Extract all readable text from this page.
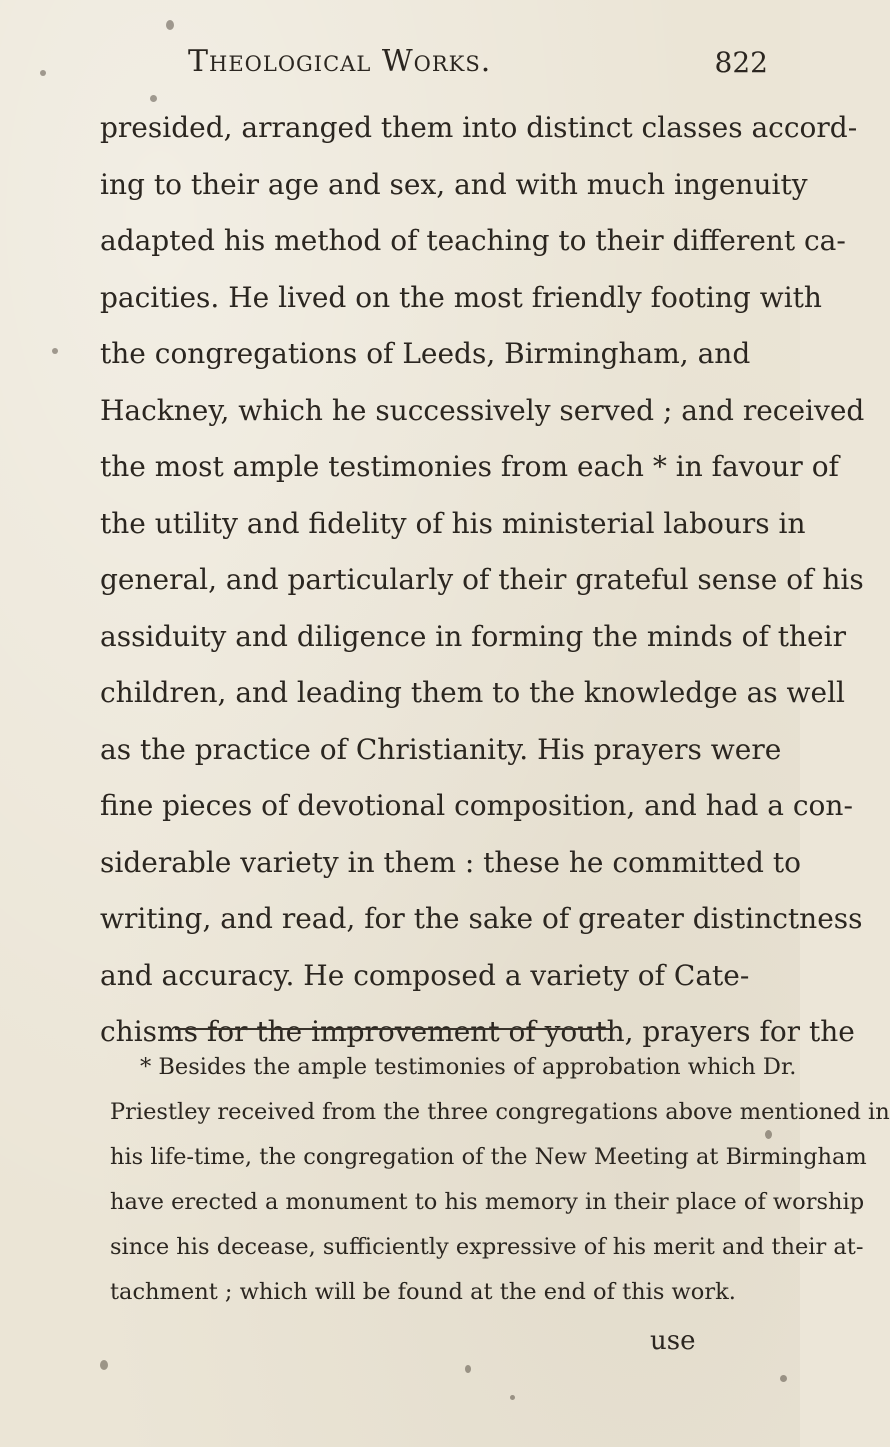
Theological Works.	822
presided, arranged them into distinct classes accord-
ing to their age and sex, and with much ingenuity
adapted his method of teaching to their different ca-
pacities. He lived on the most friendly footing with
the congregations of Leeds, Birmingham, and
Hackney, which he successively served ; and received
the most ample testimonies from each * in favour of
the utility and fidelity of his ministerial labours in
general, and particularly of their grateful sense of his
assiduity and diligence in forming the minds of their
children, and leading them to the knowledge as well
as the practice of Christianity. His prayers were
fine pieces of devotional composition, and had a con-
siderable variety in them : these he committed to
writing, and read, for the sake of greater distinctness
and accuracy. He composed a variety of Cate-
chisms for the improvement of youth, prayers for the
* Besides the ample testimonies of approbation which Dr.
Priestley received from the three congregations above mentioned in
his life-time, the congregation of the New Meeting at Birmingham
have erected a monument to his memory in their place of worship
since his decease, sufficiently expressive of his merit and their at-
tachment ; which will be found at the end of this work.
use
